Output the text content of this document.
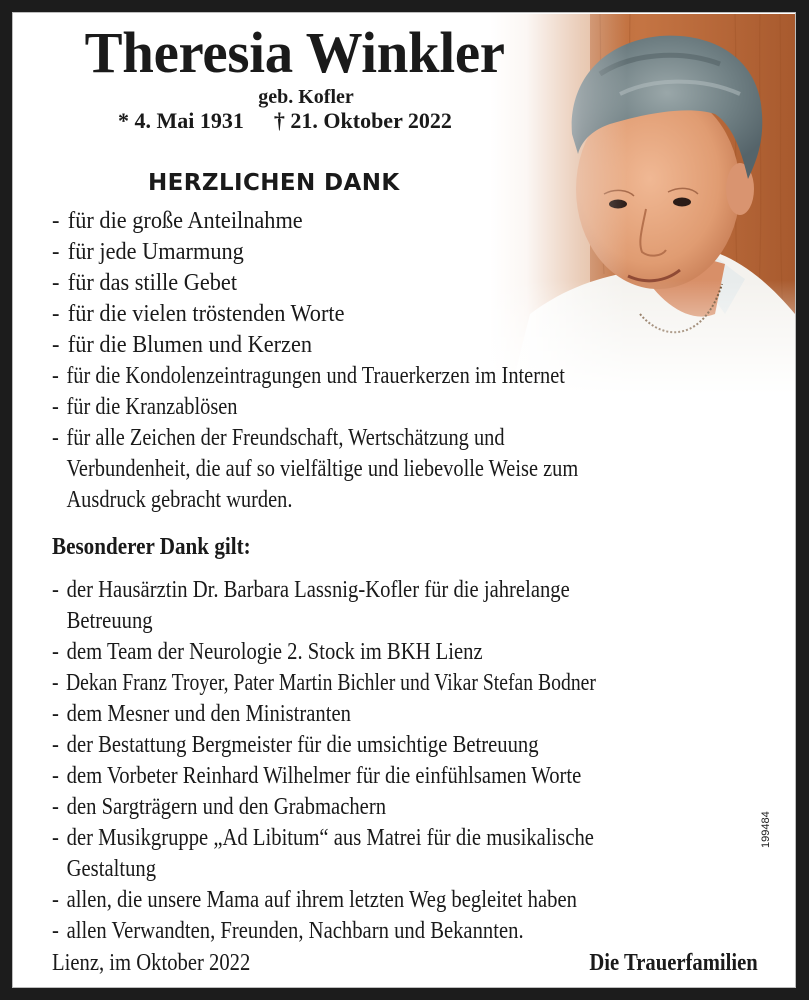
Theresia Winkler
geb. Kofler
* 4. Mai 1931 † 21. Oktober 2022
HERZLICHEN DANK
- für die große Anteilnahme
- für jede Umarmung
- für das stille Gebet
- für die vielen tröstenden Worte
- für die Blumen und Kerzen
- für die Kondolenzeintragungen und Trauerkerzen im Internet
- für die Kranzablösen
- für alle Zeichen der Freundschaft, Wertschätzung und
Verbundenheit, die auf so vielfältige und liebevolle Weise zum
Ausdruck gebracht wurden.
Besonderer Dank gilt:
- der Hausärztin Dr. Barbara Lassnig-Kofler für die jahrelange
Betreuung
- dem Team der Neurologie 2. Stock im BKH Lienz
- Dekan Franz Troyer, Pater Martin Bichler und Vikar Stefan Bodner
- dem Mesner und den Ministranten
- der Bestattung Bergmeister für die umsichtige Betreuung
- dem Vorbeter Reinhard Wilhelmer für die einfühlsamen Worte
- den Sargträgern und den Grabmachern
- der Musikgruppe „Ad Libitum“ aus Matrei für die musikalische
Gestaltung
- allen, die unsere Mama auf ihrem letzten Weg begleitet haben
- allen Verwandten, Freunden, Nachbarn und Bekannten.
Lienz, im Oktober 2022	Die Trauerfamilien
199484
